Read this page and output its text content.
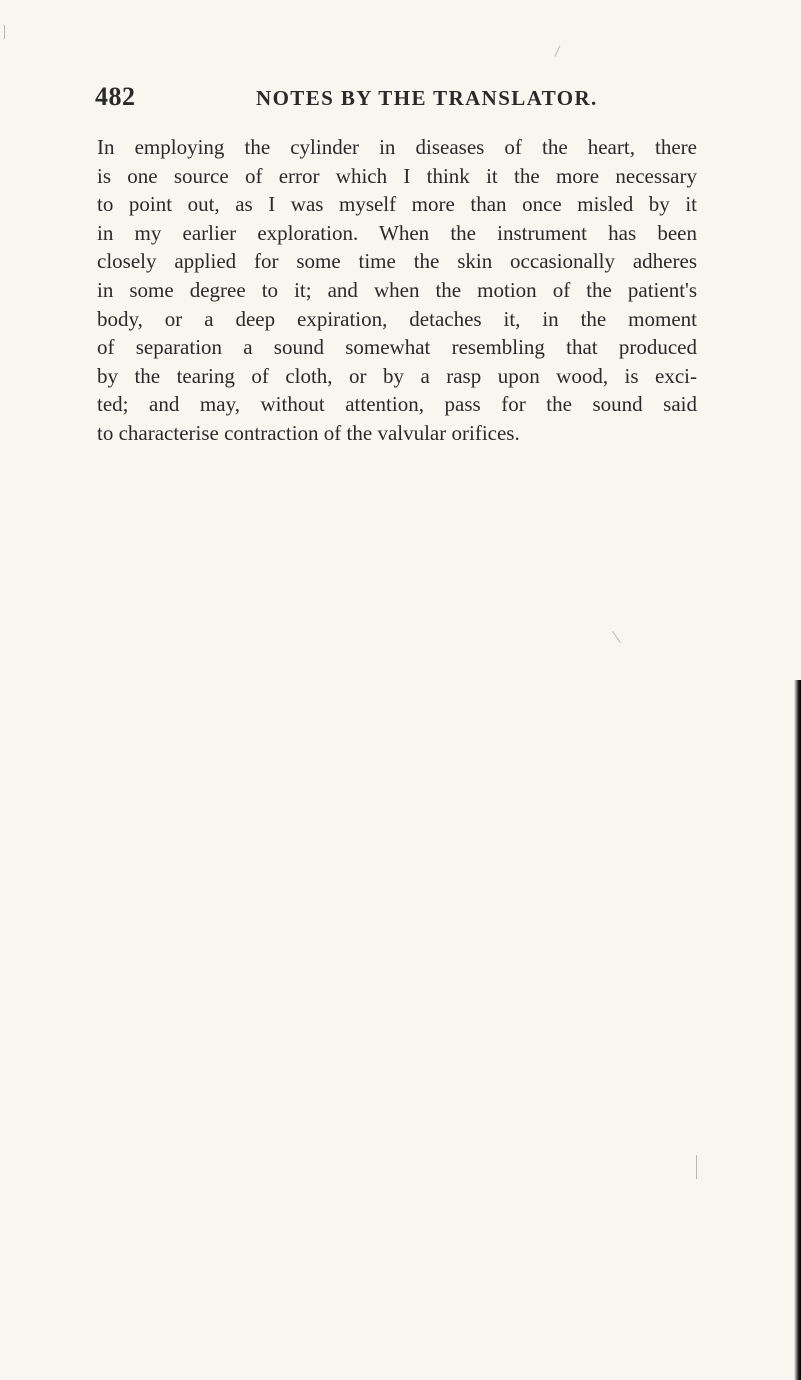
482	NOTES BY THE TRANSLATOR.
In employing the cylinder in diseases of the heart, there
is one source of error which I think it the more necessary
to point out, as I was myself more than once misled by it
in my earlier exploration. When the instrument has been
closely applied for some time the skin occasionally adheres
in some degree to it; and when the motion of the patient's
body, or a deep expiration, detaches it, in the moment
of separation a sound somewhat resembling that produced
by the tearing of cloth, or by a rasp upon wood, is exci-
ted; and may, without attention, pass for the sound said
to characterise contraction of the valvular orifices.
